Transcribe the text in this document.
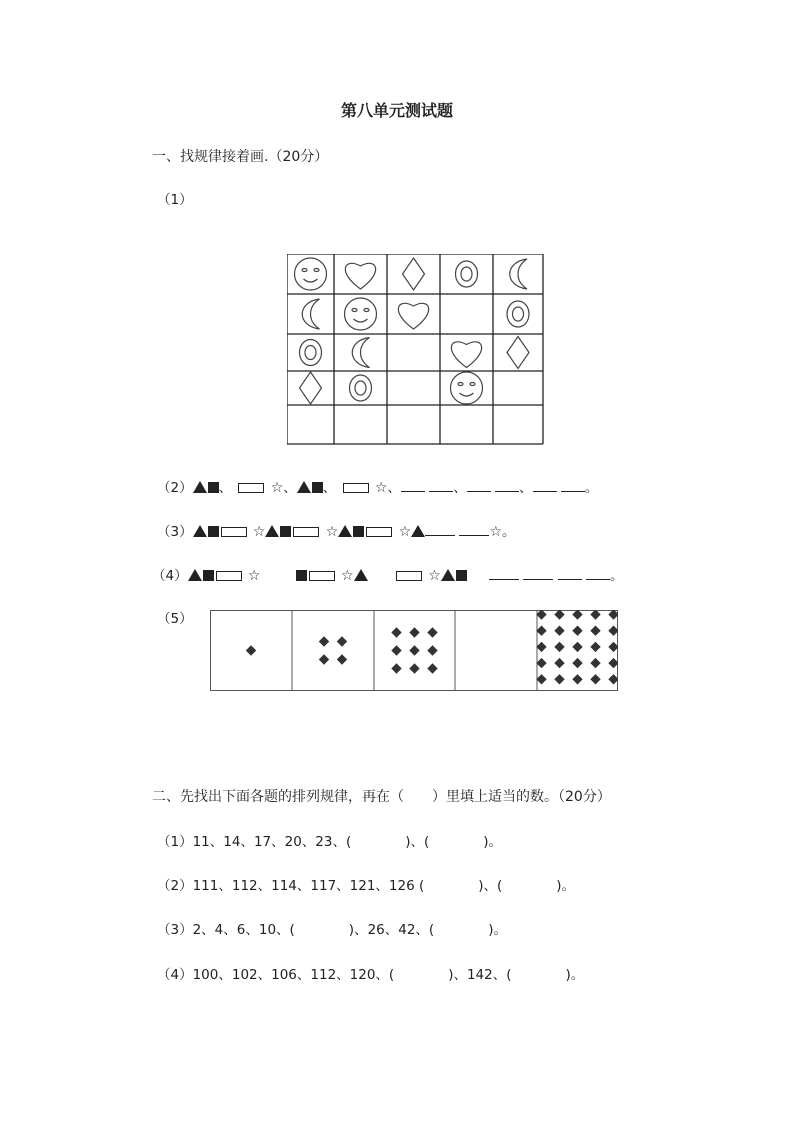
第八单元测试题
一、找规律接着画.（20分）
（1）
（2） 、	☆、 、	☆、	、	、	。
（3）	☆	☆	☆	☆。
（4）	☆	☆	☆	。
（5）
二、先找出下面各题的排列规律，再在（　　）里填上适当的数。（20分）
（1）11、14、17、20、23、(　　　　)、(　　　　)。
（2）111、112、114、117、121、126 (　　　　)、(　　　　)。
（3）2、4、6、10、(　　　　)、26、42、(　　　　)。
（4）100、102、106、112、120、(　　　　)、142、(　　　　)。
